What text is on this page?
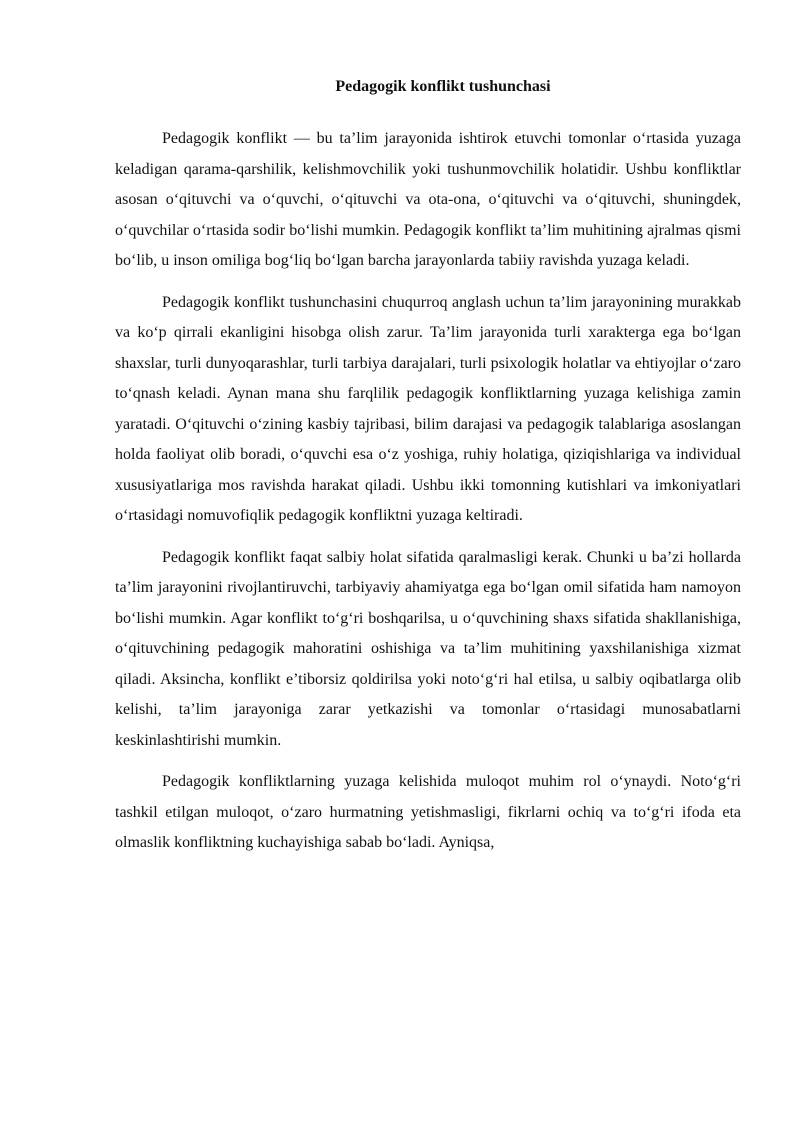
Pedagogik konflikt tushunchasi

Pedagogik konflikt — bu ta’lim jarayonida ishtirok etuvchi tomonlar o‘rtasida yuzaga keladigan qarama-qarshilik, kelishmovchilik yoki tushunmovchilik holatidir. Ushbu konfliktlar asosan o‘qituvchi va o‘quvchi, o‘qituvchi va ota-ona, o‘qituvchi va o‘qituvchi, shuningdek, o‘quvchilar o‘rtasida sodir bo‘lishi mumkin. Pedagogik konflikt ta’lim muhitining ajralmas qismi bo‘lib, u inson omiliga bog‘liq bo‘lgan barcha jarayonlarda tabiiy ravishda yuzaga keladi.

Pedagogik konflikt tushunchasini chuqurroq anglash uchun ta’lim jarayonining murakkab va ko‘p qirrali ekanligini hisobga olish zarur. Ta’lim jarayonida turli xarakterga ega bo‘lgan shaxslar, turli dunyoqarashlar, turli tarbiya darajalari, turli psixologik holatlar va ehtiyojlar o‘zaro to‘qnash keladi. Aynan mana shu farqlilik pedagogik konfliktlarning yuzaga kelishiga zamin yaratadi. O‘qituvchi o‘zining kasbiy tajribasi, bilim darajasi va pedagogik talablariga asoslangan holda faoliyat olib boradi, o‘quvchi esa o‘z yoshiga, ruhiy holatiga, qiziqishlariga va individual xususiyatlariga mos ravishda harakat qiladi. Ushbu ikki tomonning kutishlari va imkoniyatlari o‘rtasidagi nomuvofiqlik pedagogik konfliktni yuzaga keltiradi.

Pedagogik konflikt faqat salbiy holat sifatida qaralmasligi kerak. Chunki u ba’zi hollarda ta’lim jarayonini rivojlantiruvchi, tarbiyaviy ahamiyatga ega bo‘lgan omil sifatida ham namoyon bo‘lishi mumkin. Agar konflikt to‘g‘ri boshqarilsa, u o‘quvchining shaxs sifatida shakllanishiga, o‘qituvchining pedagogik mahoratini oshishiga va ta’lim muhitining yaxshilanishiga xizmat qiladi. Aksincha, konflikt e’tiborsiz qoldirilsa yoki noto‘g‘ri hal etilsa, u salbiy oqibatlarga olib kelishi, ta’lim jarayoniga zarar yetkazishi va tomonlar o‘rtasidagi munosabatlarni keskinlashtirishi mumkin.

Pedagogik konfliktlarning yuzaga kelishida muloqot muhim rol o‘ynaydi. Noto‘g‘ri tashkil etilgan muloqot, o‘zaro hurmatning yetishmasligi, fikrlarni ochiq va to‘g‘ri ifoda eta olmaslik konfliktning kuchayishiga sabab bo‘ladi. Ayniqsa,
